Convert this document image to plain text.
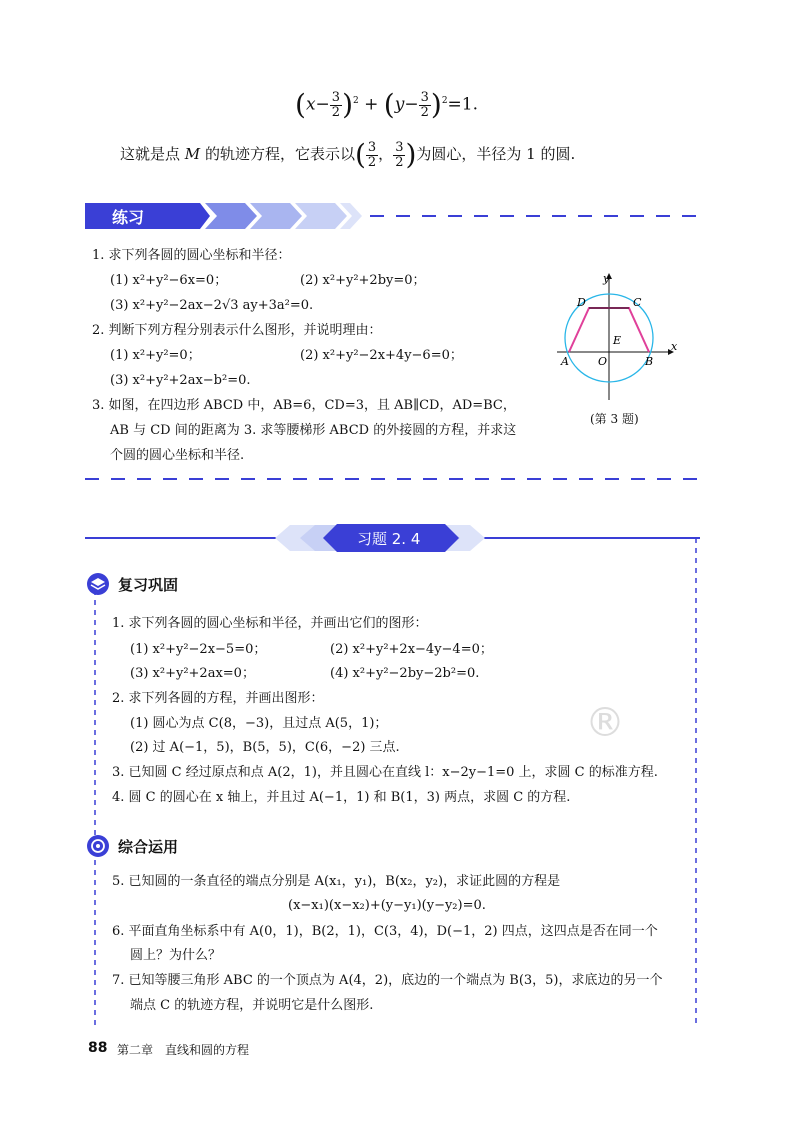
®
$(x- \frac{3}{2} )^2 + (y- \frac{3}{2} )^2=1$.
这就是点 M 的轨迹方程，它表示以( $\frac{3}{2}$ ， $\frac{3}{2}$ )为圆心，半径为 1 的圆.
练习
1. 求下列各圆的圆心坐标和半径：
(1) x²+y²−6x=0；	(2) x²+y²+2by=0；
(3) x²+y²−2ax−2√3 ay+3a²=0.
2. 判断下列方程分别表示什么图形，并说明理由：
(1) x²+y²=0；	(2) x²+y²−2x+4y−6=0；
(3) x²+y²+2ax−b²=0.
3. 如图，在四边形 ABCD 中，AB=6，CD=3，且 AB∥CD，AD=BC，
AB 与 CD 间的距离为 3. 求等腰梯形 ABCD 的外接圆的方程，并求这
个圆的圆心坐标和半径.
y
x
D	C
E
A	O	B
(第 3 题)
习题 2. 4
复习巩固
1. 求下列各圆的圆心坐标和半径，并画出它们的图形：
(1) x²+y²−2x−5=0；	(2) x²+y²+2x−4y−4=0；
(3) x²+y²+2ax=0；	(4) x²+y²−2by−2b²=0.
2. 求下列各圆的方程，并画出图形：
(1) 圆心为点 C(8，−3)，且过点 A(5，1)；
(2) 过 A(−1，5)，B(5，5)，C(6，−2) 三点.
3. 已知圆 C 经过原点和点 A(2，1)，并且圆心在直线 l：x−2y−1=0 上，求圆 C 的标准方程.
4. 圆 C 的圆心在 x 轴上，并且过 A(−1，1) 和 B(1，3) 两点，求圆 C 的方程.
综合运用
5. 已知圆的一条直径的端点分别是 A(x₁，y₁)，B(x₂，y₂)，求证此圆的方程是
(x−x₁)(x−x₂)+(y−y₁)(y−y₂)=0.
6. 平面直角坐标系中有 A(0，1)，B(2，1)，C(3，4)，D(−1，2) 四点，这四点是否在同一个
圆上？为什么？
7. 已知等腰三角形 ABC 的一个顶点为 A(4，2)，底边的一个端点为 B(3，5)，求底边的另一个
端点 C 的轨迹方程，并说明它是什么图形.
88 第二章　直线和圆的方程
